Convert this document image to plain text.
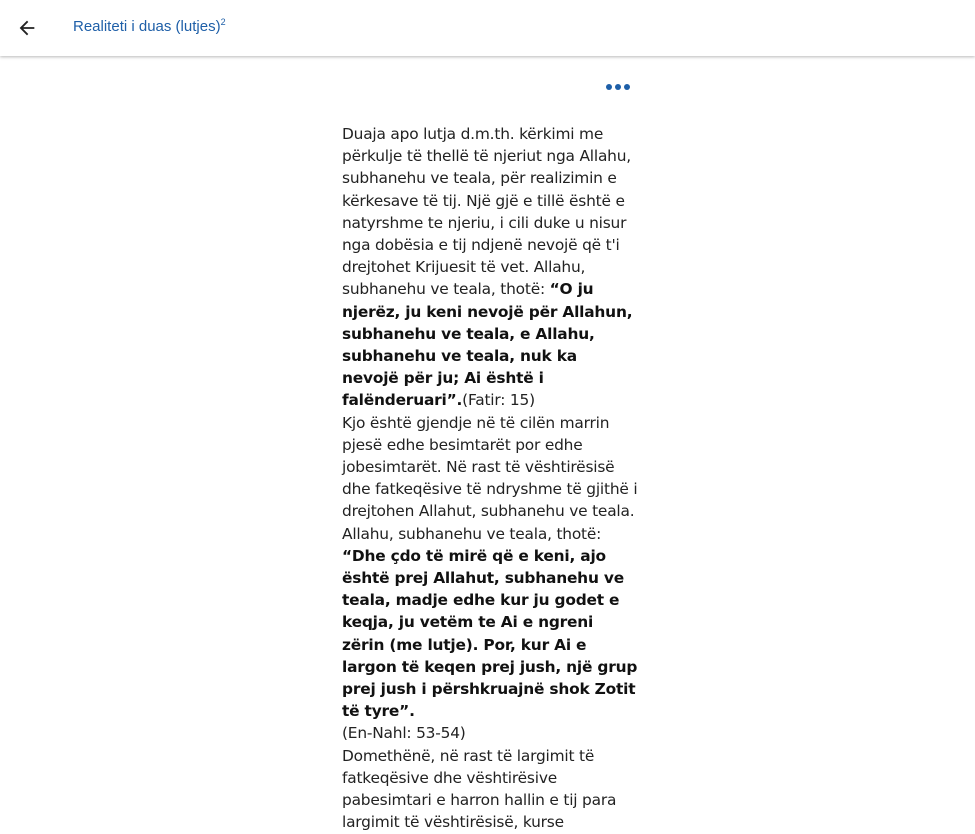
Realiteti i duas (lutjes)$^2$

Duaja apo lutja d.m.th. kërkimi me përkulje të thellë të njeriut nga Allahu, subhanehu ve teala, për realizimin e kërkesave të tij. Një gjë e tillë është e natyrshme te njeriu, i cili duke u nisur nga dobësia e tij ndjenë nevojë që t'i drejtohet Krijuesit të vet. Allahu, subhanehu ve teala, thotë: “O ju njerëz, ju keni nevojë për Allahun, subhanehu ve teala, e Allahu, subhanehu ve teala, nuk ka nevojë për ju; Ai është i falënderuari”.(Fatir: 15)

Kjo është gjendje në të cilën marrin pjesë edhe besimtarët por edhe jobesimtarët. Në rast të vështirësisë dhe fatkeqësive të ndryshme të gjithë i drejtohen Allahut, subhanehu ve teala. Allahu, subhanehu ve teala, thotë: “Dhe çdo të mirë që e keni, ajo është prej Allahut, subhanehu ve teala, madje edhe kur ju godet e keqja, ju vetëm te Ai e ngreni zërin (me lutje). Por, kur Ai e largon të keqen prej jush, një grup prej jush i përshkruajnë shok Zotit të tyre”.
(En-Nahl: 53-54)

Domethënë, në rast të largimit të fatkeqësive dhe vështirësive pabesimtari e harron hallin e tij para largimit të vështirësisë, kurse
